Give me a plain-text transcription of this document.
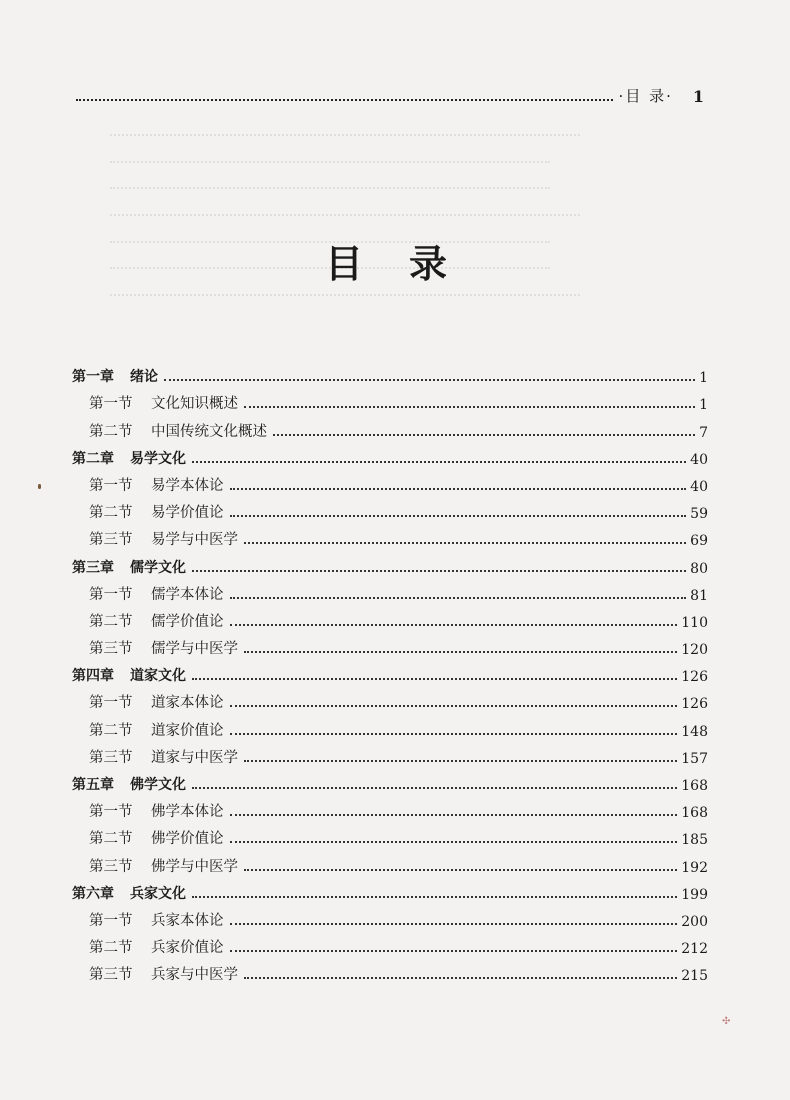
·目 录· 1
目 录
第一章 绪论	1
第一节 文化知识概述	1
第二节 中国传统文化概述	7
第二章 易学文化	40
第一节 易学本体论	40
第二节 易学价值论	59
第三节 易学与中医学	69
第三章 儒学文化	80
第一节 儒学本体论	81
第二节 儒学价值论	110
第三节 儒学与中医学	120
第四章 道家文化	126
第一节 道家本体论	126
第二节 道家价值论	148
第三节 道家与中医学	157
第五章 佛学文化	168
第一节 佛学本体论	168
第二节 佛学价值论	185
第三节 佛学与中医学	192
第六章 兵家文化	199
第一节 兵家本体论	200
第二节 兵家价值论	212
第三节 兵家与中医学	215
✣
